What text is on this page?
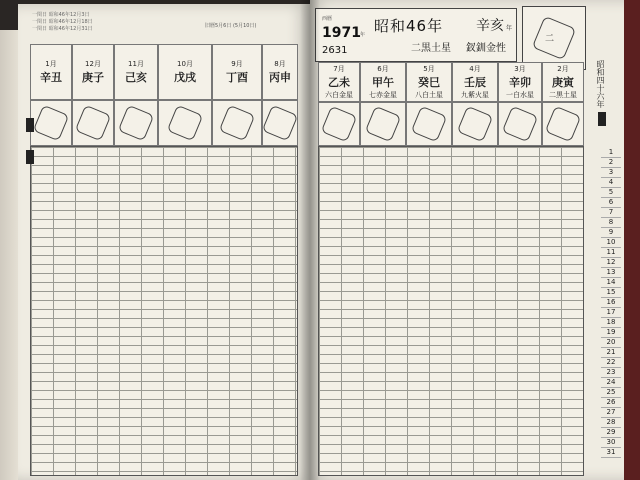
一閏日 昭和46年12月3日
一閏日 昭和46年12月18日
一閏日 昭和46年12月31日	旧暦5月6日 (5月10日)
1月
辛丑
12月
庚子
11月
己亥
10月
戊戌
9月
丁酉
8月
丙申
西暦
1971 年
2631
昭和46年 辛亥 年
二黒土星 釵釧金性
二
7月
乙未
六白金星
6月
甲午
七赤金星
5月
癸巳
八白土星
4月
壬辰
九紫火星
3月
辛卯
一白水星
2月
庚寅
二黒土星	昭和四十六年
1
2
3
4
5
6
7
8
9
10
11
12
13
14
15
16
17
18
19
20
21
22
23
24
25
26
27
28
29
30
31
